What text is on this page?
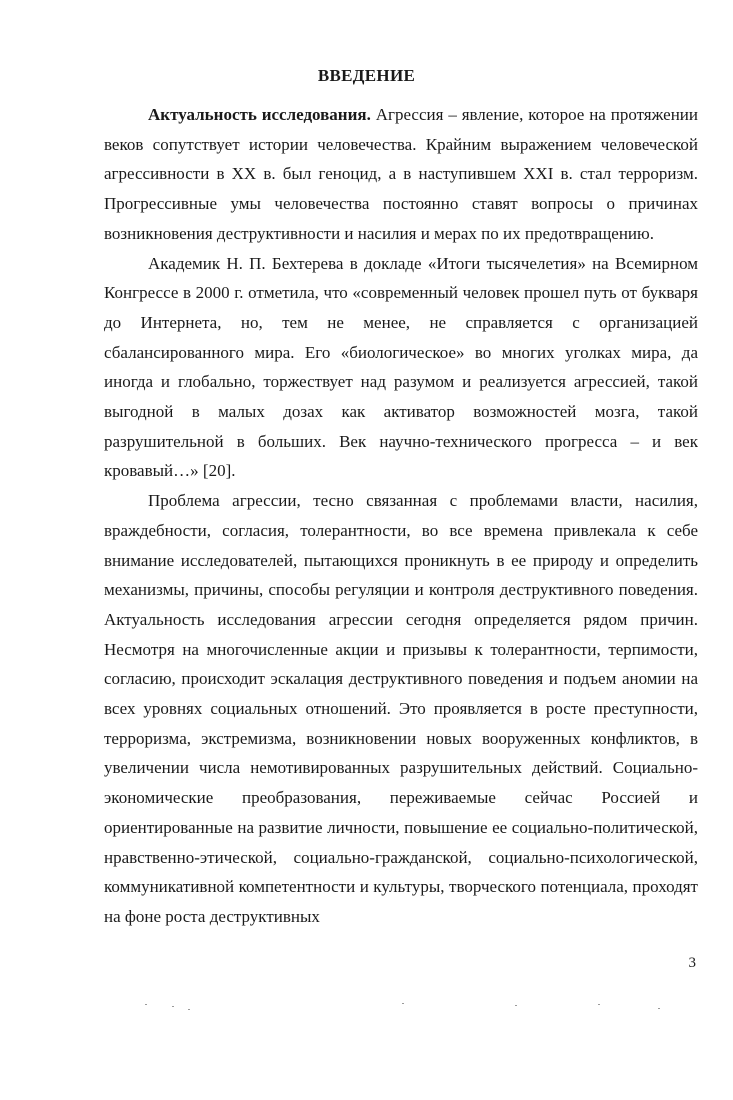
ВВЕДЕНИЕ

Актуальность исследования. Агрессия – явление, которое на протяжении веков сопутствует истории человечества. Крайним выражением человеческой агрессивности в XX в. был геноцид, а в наступившем XXI в. стал терроризм. Прогрессивные умы человечества постоянно ставят вопросы о причинах возникновения деструктивности и насилия и мерах по их предотвращению.

Академик Н. П. Бехтерева в докладе «Итоги тысячелетия» на Всемирном Конгрессе в 2000 г. отметила, что «современный человек прошел путь от букваря до Интернета, но, тем не менее, не справляется с организацией сбалансированного мира. Его «биологическое» во многих уголках мира, да иногда и глобально, торжествует над разумом и реализуется агрессией, такой выгодной в малых дозах как активатор возможностей мозга, такой разрушительной в больших. Век научно-технического прогресса – и век кровавый…» [20].

Проблема агрессии, тесно связанная с проблемами власти, насилия, враждебности, согласия, толерантности, во все времена привлекала к себе внимание исследователей, пытающихся проникнуть в ее природу и определить механизмы, причины, способы регуляции и контроля деструктивного поведения. Актуальность исследования агрессии сегодня определяется рядом причин. Несмотря на многочисленные акции и призывы к толерантности, терпимости, согласию, происходит эскалация деструктивного поведения и подъем аномии на всех уровнях социальных отношений. Это проявляется в росте преступности, терроризма, экстремизма, возникновении новых вооруженных конфликтов, в увеличении числа немотивированных разрушительных действий. Социально-экономические преобразования, переживаемые сейчас Россией и ориентированные на развитие личности, повышение ее социально-политической, нравственно-этической, социально-гражданской, социально-психологической, коммуникативной компетентности и культуры, творческого потенциала, проходят на фоне роста деструктивных

3
